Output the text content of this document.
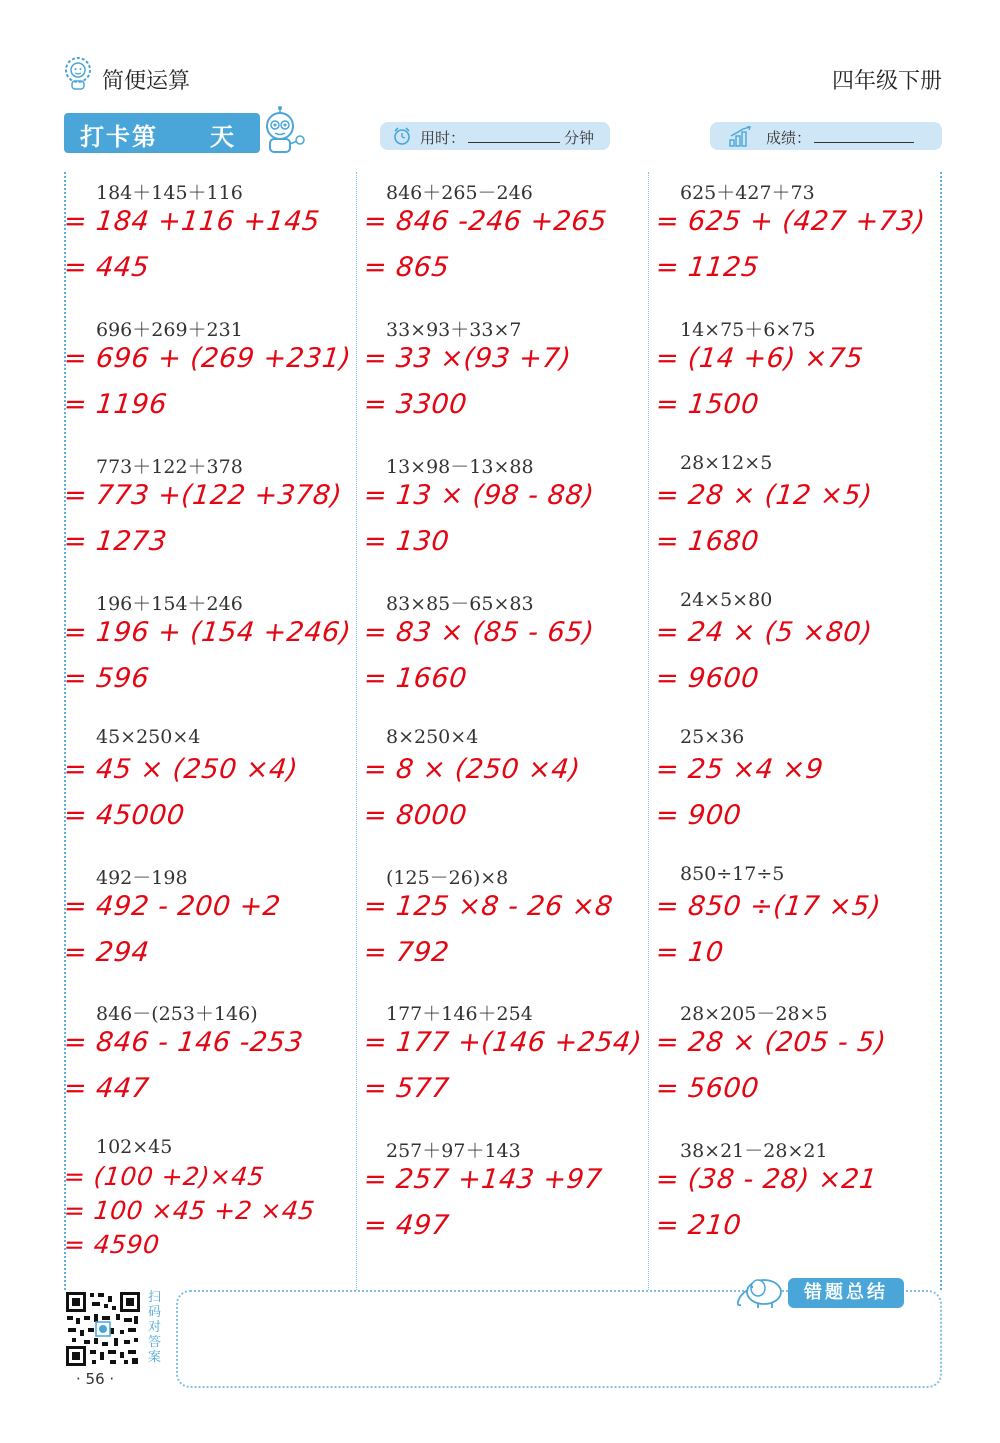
简便运算	四年级下册
打卡第 天	用时：	分钟	成绩：
184＋145＋116
= 184 +116 +145
= 445
696＋269＋231
= 696 + (269 +231)
= 1196
773＋122＋378
= 773 +(122 +378)
= 1273
196＋154＋246
= 196 + (154 +246)
= 596
45×250×4
= 45 × (250 ×4)
= 45000
492－198
= 492 - 200 +2
= 294
846－(253＋146)
= 846 - 146 -253
= 447
102×45
= (100 +2)×45
= 100 ×45 +2 ×45
= 4590
846＋265－246
= 846 -246 +265
= 865
33×93＋33×7
= 33 ×(93 +7)
= 3300
13×98－13×88
= 13 × (98 - 88)
= 130
83×85－65×83
= 83 × (85 - 65)
= 1660
8×250×4
= 8 × (250 ×4)
= 8000
(125－26)×8
= 125 ×8 - 26 ×8
= 792
177＋146＋254
= 177 +(146 +254)
= 577
257＋97＋143
= 257 +143 +97
= 497
625＋427＋73
= 625 + (427 +73)
= 1125
14×75＋6×75
= (14 +6) ×75
= 1500
28×12×5
= 28 × (12 ×5)
= 1680
24×5×80
= 24 × (5 ×80)
= 9600
25×36
= 25 ×4 ×9
= 900
850÷17÷5
= 850 ÷(17 ×5)
= 10
28×205－28×5
= 28 × (205 - 5)
= 5600
38×21－28×21
= (38 - 28) ×21
= 210
扫码对答案
· 56 ·
错题总结
